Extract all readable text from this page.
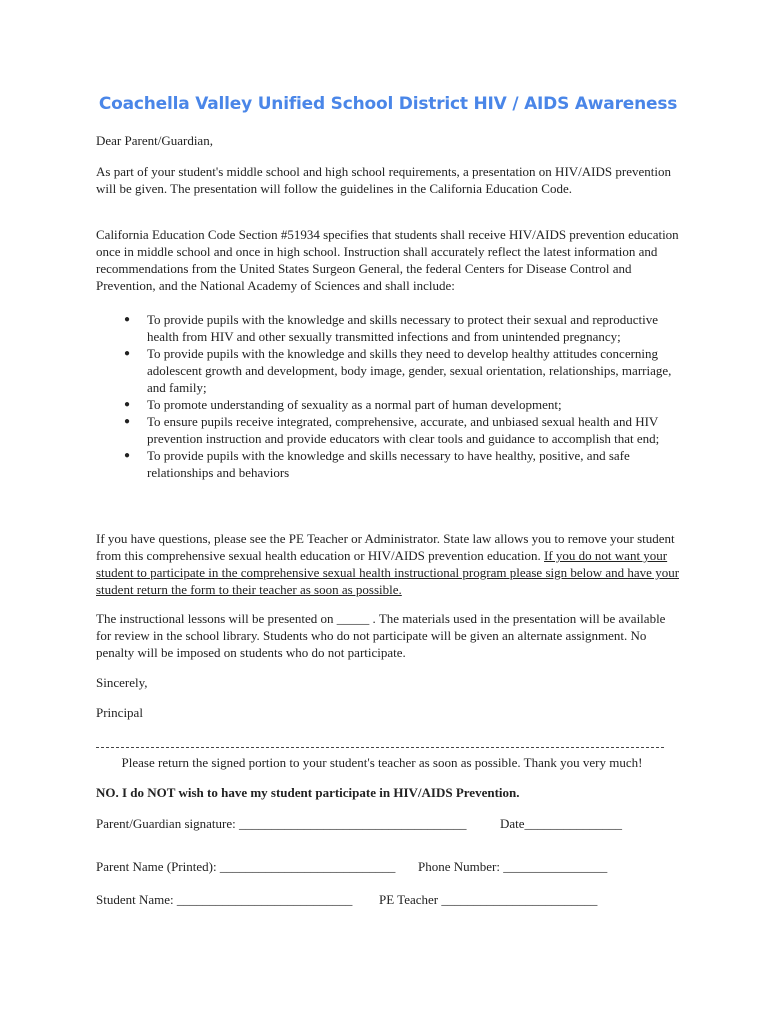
Coachella Valley Unified School District HIV / AIDS Awareness

Dear Parent/Guardian,

As part of your student's middle school and high school requirements, a presentation on HIV/AIDS prevention will be given. The presentation will follow the guidelines in the California Education Code.

California Education Code Section #51934 specifies that students shall receive HIV/AIDS prevention education once in middle school and once in high school. Instruction shall accurately reflect the latest information and recommendations from the United States Surgeon General, the federal Centers for Disease Control and Prevention, and the National Academy of Sciences and shall include:

● To provide pupils with the knowledge and skills necessary to protect their sexual and reproductive health from HIV and other sexually transmitted infections and from unintended pregnancy;
● To provide pupils with the knowledge and skills they need to develop healthy attitudes concerning adolescent growth and development, body image, gender, sexual orientation, relationships, marriage, and family;
● To promote understanding of sexuality as a normal part of human development;
● To ensure pupils receive integrated, comprehensive, accurate, and unbiased sexual health and HIV prevention instruction and provide educators with clear tools and guidance to accomplish that end;
● To provide pupils with the knowledge and skills necessary to have healthy, positive, and safe relationships and behaviors

If you have questions, please see the PE Teacher or Administrator. State law allows you to remove your student from this comprehensive sexual health education or HIV/AIDS prevention education. If you do not want your student to participate in the comprehensive sexual health instructional program please sign below and have your student return the form to their teacher as soon as possible.

The instructional lessons will be presented on _____ . The materials used in the presentation will be available for review in the school library. Students who do not participate will be given an alternate assignment. No penalty will be imposed on students who do not participate.

Sincerely,

Principal

Please return the signed portion to your student's teacher as soon as possible. Thank you very much!

NO. I do NOT wish to have my student participate in HIV/AIDS Prevention.

Parent/Guardian signature: ___________________________________	Date_______________

Parent Name (Printed): ___________________________	Phone Number: ________________

Student Name: ___________________________	PE Teacher ________________________
